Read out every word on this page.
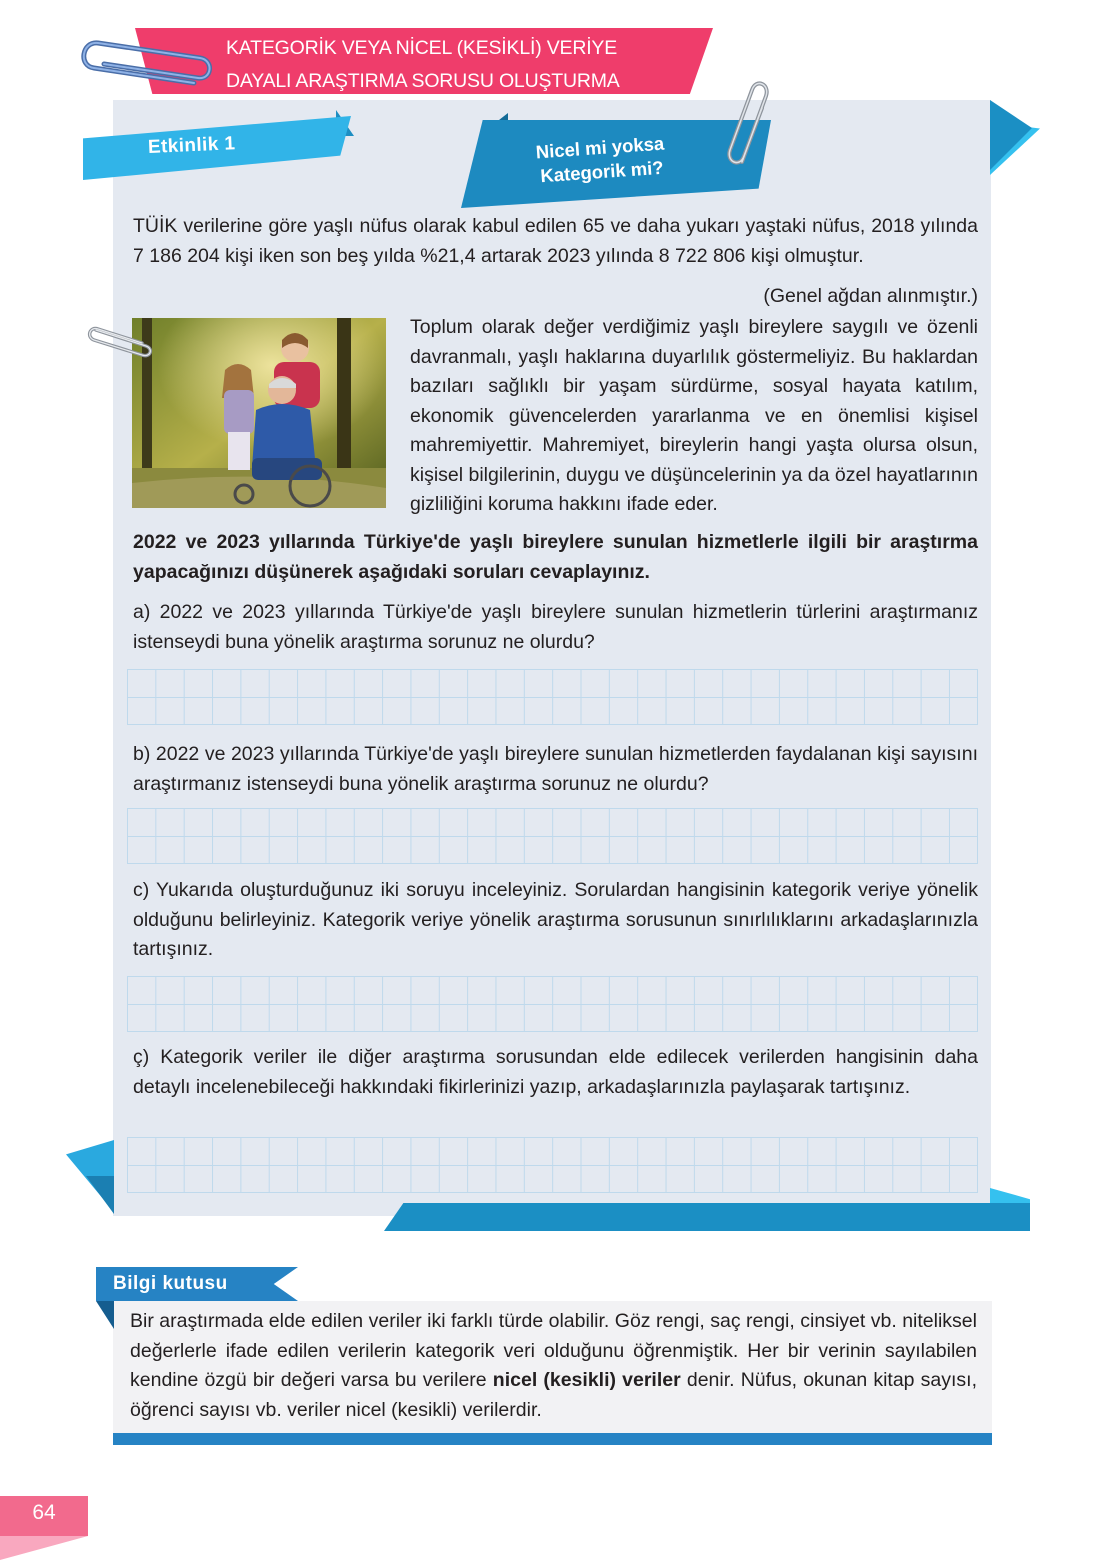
KATEGORİK VEYA NİCEL (KESİKLİ) VERİYE
DAYALI ARAŞTIRMA SORUSU OLUŞTURMA
Etkinlik 1	Nicel mi yoksa
Kategorik mi?
TÜİK verilerine göre yaşlı nüfus olarak kabul edilen 65 ve daha yukarı yaştaki nüfus, 2018 yılında 7 186 204 kişi iken son beş yılda %21,4 artarak 2023 yılında 8 722 806 kişi olmuştur.
(Genel ağdan alınmıştır.)
Toplum olarak değer verdiğimiz yaşlı bireylere saygılı ve özenli davranmalı, yaşlı haklarına duyarlılık göstermeliyiz. Bu haklardan bazıları sağlıklı bir yaşam sürdürme, sosyal hayata katılım, ekonomik güvencelerden yararlanma ve en önemlisi kişisel mahremiyettir. Mahremiyet, bireylerin hangi yaşta olursa olsun, kişisel bilgilerinin, duygu ve düşüncelerinin ya da özel hayatlarının gizliliğini koruma hakkını ifade eder.
2022 ve 2023 yıllarında Türkiye'de yaşlı bireylere sunulan hizmetlerle ilgili bir araştırma yapacağınızı düşünerek aşağıdaki soruları cevaplayınız.
a) 2022 ve 2023 yıllarında Türkiye'de yaşlı bireylere sunulan hizmetlerin türlerini araştırmanız istenseydi buna yönelik araştırma sorunuz ne olurdu?
b) 2022 ve 2023 yıllarında Türkiye'de yaşlı bireylere sunulan hizmetlerden faydalanan kişi sayısını araştırmanız istenseydi buna yönelik araştırma sorunuz ne olurdu?
c) Yukarıda oluşturduğunuz iki soruyu inceleyiniz. Sorulardan hangisinin kategorik veriye yönelik olduğunu belirleyiniz. Kategorik veriye yönelik araştırma sorusunun sınırlılıklarını arkadaşlarınızla tartışınız.
ç) Kategorik veriler ile diğer araştırma sorusundan elde edilecek verilerden hangisinin daha detaylı incelenebileceği hakkındaki fikirlerinizi yazıp, arkadaşlarınızla paylaşarak tartışınız.
Bilgi kutusu
Bir araştırmada elde edilen veriler iki farklı türde olabilir. Göz rengi, saç rengi, cinsiyet vb. niteliksel değerlerle ifade edilen verilerin kategorik veri olduğunu öğrenmiştik. Her bir verinin sayılabilen kendine özgü bir değeri varsa bu verilere nicel (kesikli) veriler denir. Nüfus, okunan kitap sayısı, öğrenci sayısı vb. veriler nicel (kesikli) verilerdir.
64
